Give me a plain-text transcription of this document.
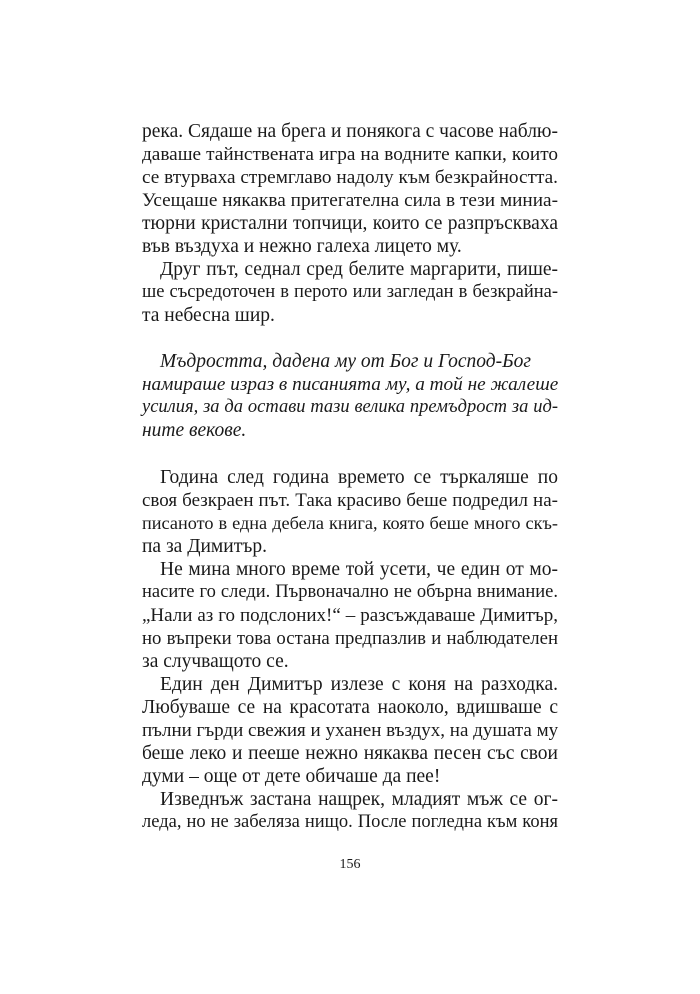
река. Сядаше на брега и понякога с часове наблю-
даваше тайнствената игра на водните капки, които
се втурваха стремглаво надолу към безкрайността.
Усещаше някаква притегателна сила в тези миниа-
тюрни кристални топчици, които се разпръскваха
във въздуха и нежно галеха лицето му.
Друг път, седнал сред белите маргарити, пише-
ше съсредоточен в перото или загледан в безкрайна-
та небесна шир.
Мъдростта, дадена му от Бог и Господ-Бог
намираше израз в писанията му, а той не жалеше
усилия, за да остави тази велика премъдрост за ид-
ните векове.
Година след година времето се търкаляше по
своя безкраен път. Така красиво беше подредил на-
писаното в една дебела книга, която беше много скъ-
па за Димитър.
Не мина много време той усети, че един от мо-
насите го следи. Първоначално не обърна внимание.
„Нали аз го подслоних!“ – разсъждаваше Димитър,
но въпреки това остана предпазлив и наблюдателен
за случващото се.
Един ден Димитър излезе с коня на разходка.
Любуваше се на красотата наоколо, вдишваше с
пълни гърди свежия и уханен въздух, на душата му
беше леко и пееше нежно някаква песен със свои
думи – още от дете обичаше да пее!
Изведнъж застана нащрек, младият мъж се ог-
леда, но не забеляза нищо. После погледна към коня
156
